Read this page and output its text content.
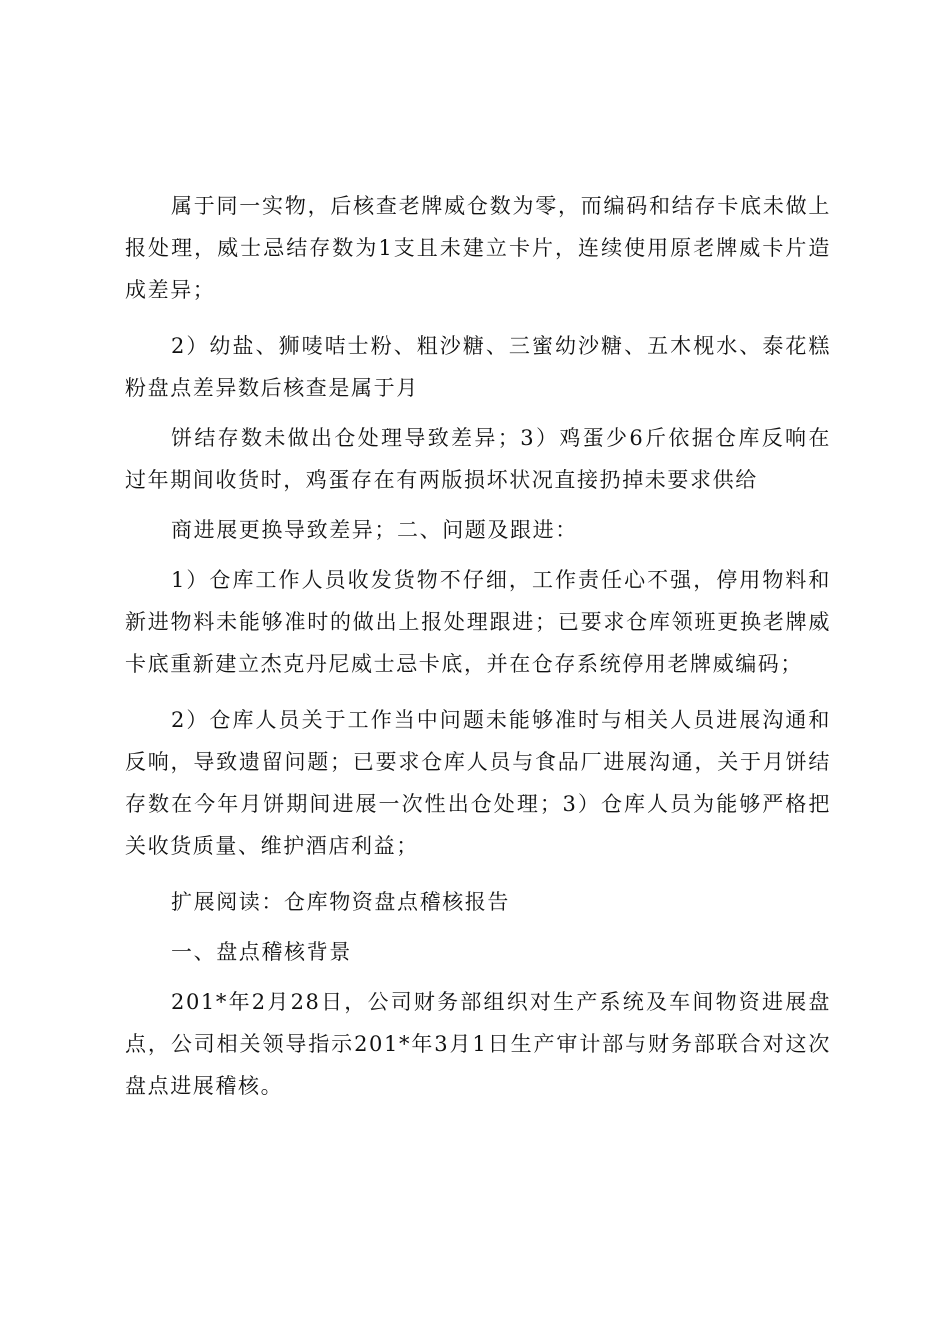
属于同一实物，后核查老牌威仓数为零，而编码和结存卡底未做上报处理，威士忌结存数为1支且未建立卡片，连续使用原老牌威卡片造成差异；

2）幼盐、狮唛咭士粉、粗沙糖、三蜜幼沙糖、五木枧水、泰花糕粉盘点差异数后核查是属于月

饼结存数未做出仓处理导致差异；3）鸡蛋少6斤依据仓库反响在过年期间收货时，鸡蛋存在有两版损坏状况直接扔掉未要求供给

商进展更换导致差异；二、问题及跟进：

1）仓库工作人员收发货物不仔细，工作责任心不强，停用物料和新进物料未能够准时的做出上报处理跟进；已要求仓库领班更换老牌威卡底重新建立杰克丹尼威士忌卡底，并在仓存系统停用老牌威编码；

2）仓库人员关于工作当中问题未能够准时与相关人员进展沟通和反响，导致遗留问题；已要求仓库人员与食品厂进展沟通，关于月饼结存数在今年月饼期间进展一次性出仓处理；3）仓库人员为能够严格把关收货质量、维护酒店利益；

扩展阅读：仓库物资盘点稽核报告

一、盘点稽核背景

201*年2月28日，公司财务部组织对生产系统及车间物资进展盘点，公司相关领导指示201*年3月1日生产审计部与财务部联合对这次盘点进展稽核。
